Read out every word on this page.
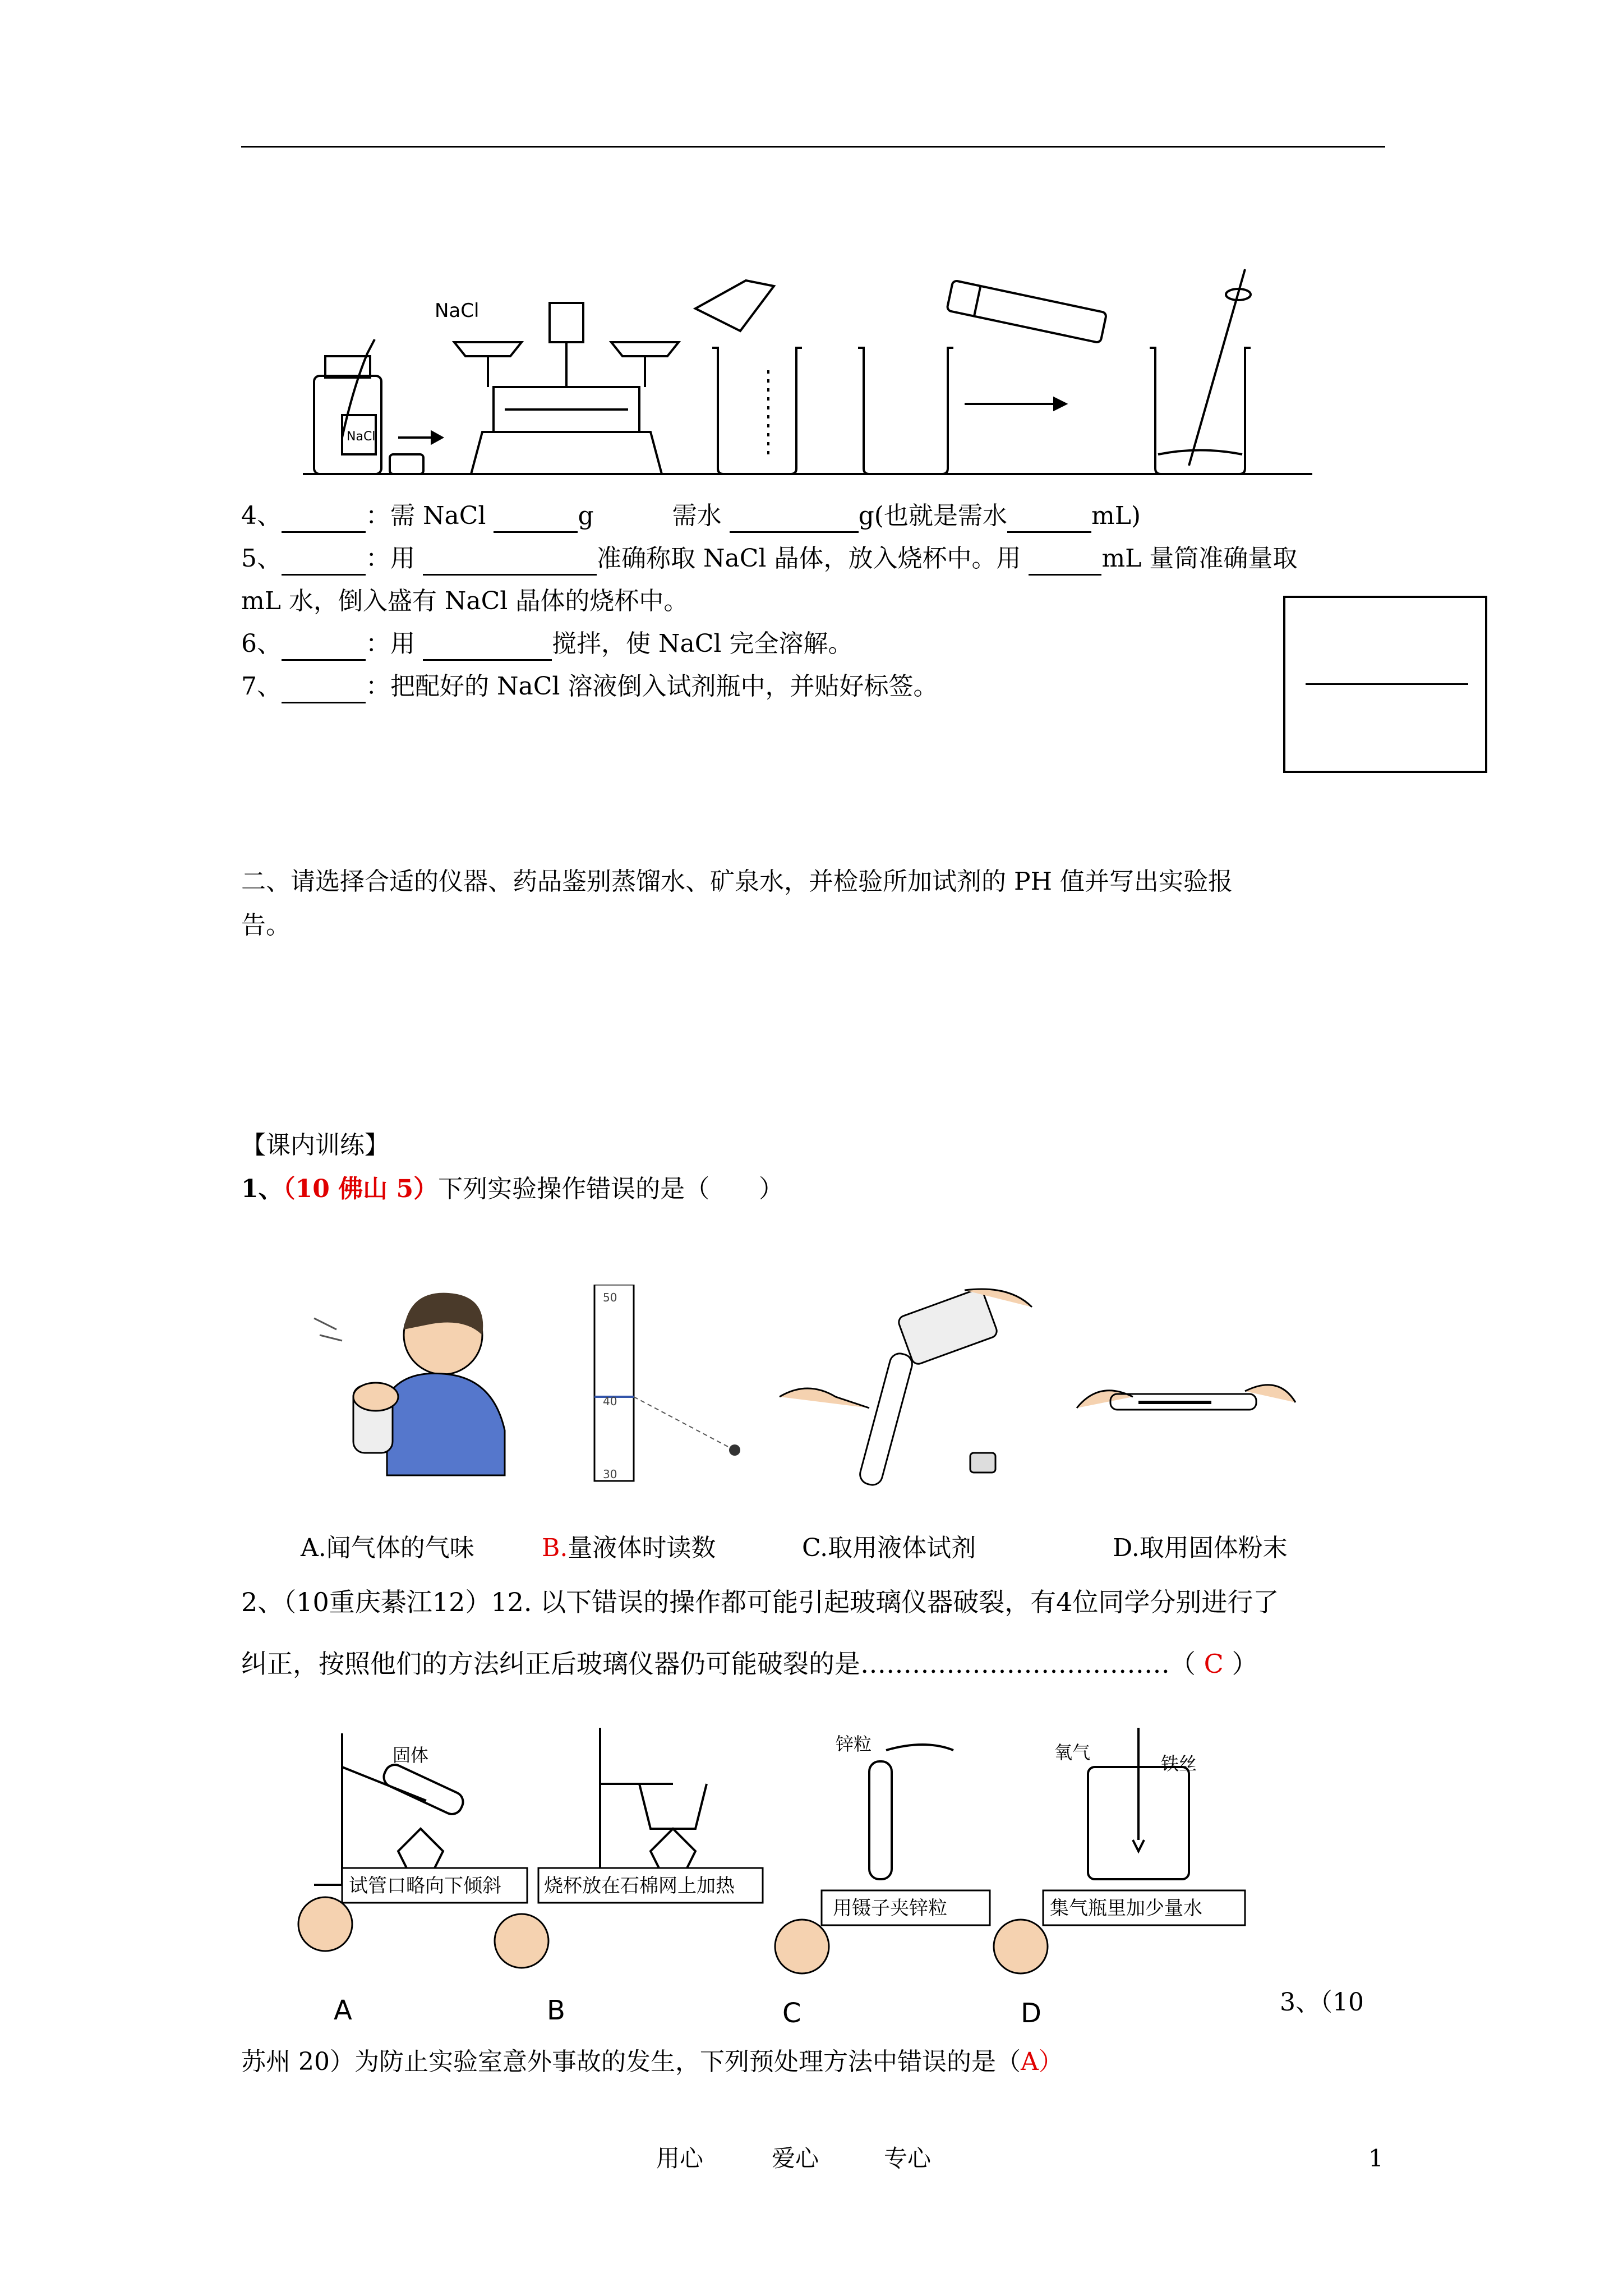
NaCl
NaCl
4、	：需 NaCl	g	需水	g(也就是需水	mL)
5、	：用	准确称取 NaCl 晶体，放入烧杯中。用	mL 量筒准确量取
mL 水，倒入盛有 NaCl 晶体的烧杯中。
6、	：用	搅拌，使 NaCl 完全溶解。
7、	：把配好的 NaCl 溶液倒入试剂瓶中，并贴好标签。
二、请选择合适的仪器、药品鉴别蒸馏水、矿泉水，并检验所加试剂的 PH 值并写出实验报
告。
【课内训练】
1、（10 佛山 5）下列实验操作错误的是（　　）
50
40
30
A.闻气体的气味	B.量液体时读数	C.取用液体试剂	D.取用固体粉末
2、（10重庆綦江12）12. 以下错误的操作都可能引起玻璃仪器破裂，有4位同学分别进行了
纠正，按照他们的方法纠正后玻璃仪器仍可能破裂的是………………………………（ C ）
固体
锌粒	氧气
铁丝
试管口略向下倾斜 烧杯放在石棉网上加热
用镊子夹锌粒	集气瓶里加少量水
A	B	C	D	3、（10
苏州 20）为防止实验室意外事故的发生，下列预处理方法中错误的是（A）
用心	爱心	专心	1
